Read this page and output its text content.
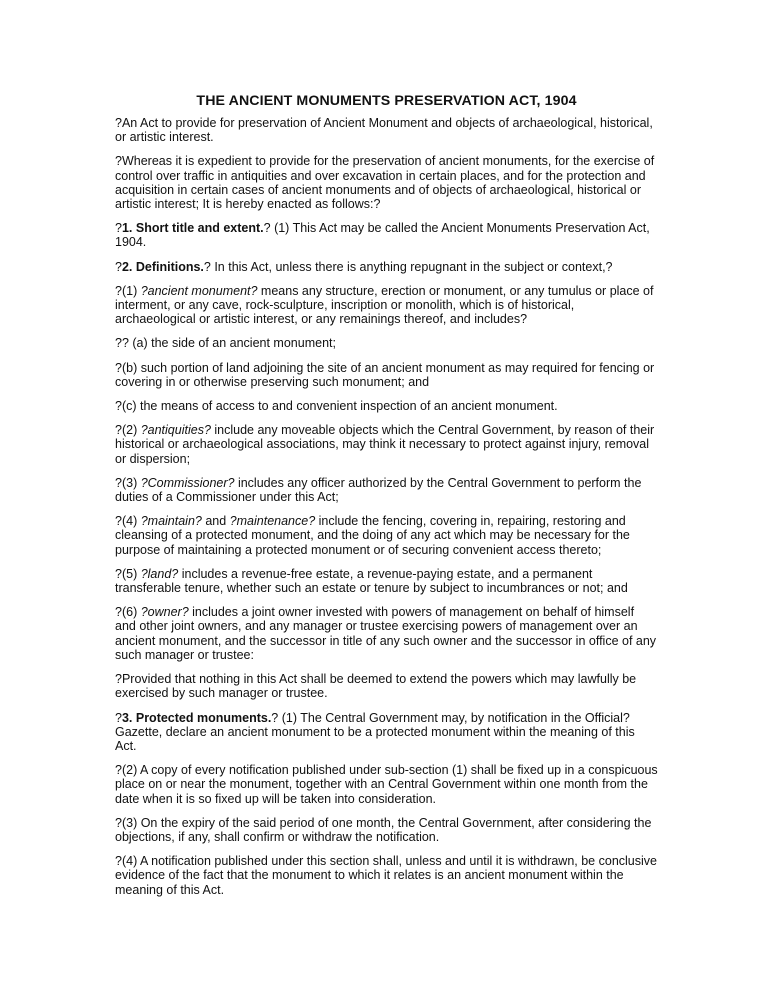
THE ANCIENT MONUMENTS PRESERVATION ACT, 1904

?An Act to provide for preservation of Ancient Monument and objects of archaeological, historical, or artistic interest.

?Whereas it is expedient to provide for the preservation of ancient monuments, for the exercise of control over traffic in antiquities and over excavation in certain places, and for the protection and acquisition in certain cases of ancient monuments and of objects of archaeological, historical or artistic interest; It is hereby enacted as follows:?

?1. Short title and extent.? (1) This Act may be called the Ancient Monuments Preservation Act, 1904.

?2. Definitions.? In this Act, unless there is anything repugnant in the subject or context,?

?(1) ?ancient monument? means any structure, erection or monument, or any tumulus or place of interment, or any cave, rock-sculpture, inscription or monolith, which is of historical, archaeological or artistic interest, or any remainings thereof, and includes?

?? (a) the side of an ancient monument;

?(b) such portion of land adjoining the site of an ancient monument as may required for fencing or covering in or otherwise preserving such monument; and

?(c) the means of access to and convenient inspection of an ancient monument.

?(2) ?antiquities? include any moveable objects which the Central Government, by reason of their historical or archaeological associations, may think it necessary to protect against injury, removal or dispersion;

?(3) ?Commissioner? includes any officer authorized by the Central Government to perform the duties of a Commissioner under this Act;

?(4) ?maintain? and ?maintenance? include the fencing, covering in, repairing, restoring and cleansing of a protected monument, and the doing of any act which may be necessary for the purpose of maintaining a protected monument or of securing convenient access thereto;

?(5) ?land? includes a revenue-free estate, a revenue-paying estate, and a permanent transferable tenure, whether such an estate or tenure by subject to incumbrances or not; and

?(6) ?owner? includes a joint owner invested with powers of management on behalf of himself and other joint owners, and any manager or trustee exercising powers of management over an ancient monument, and the successor in title of any such owner and the successor in office of any such manager or trustee:

?Provided that nothing in this Act shall be deemed to extend the powers which may lawfully be exercised by such manager or trustee.

?3. Protected monuments.? (1) The Central Government may, by notification in the Official? Gazette, declare an ancient monument to be a protected monument within the meaning of this Act.

?(2) A copy of every notification published under sub-section (1) shall be fixed up in a conspicuous place on or near the monument, together with an Central Government within one month from the date when it is so fixed up will be taken into consideration.

?(3) On the expiry of the said period of one month, the Central Government, after considering the objections, if any, shall confirm or withdraw the notification.

?(4) A notification published under this section shall, unless and until it is withdrawn, be conclusive evidence of the fact that the monument to which it relates is an ancient monument within the meaning of this Act.
